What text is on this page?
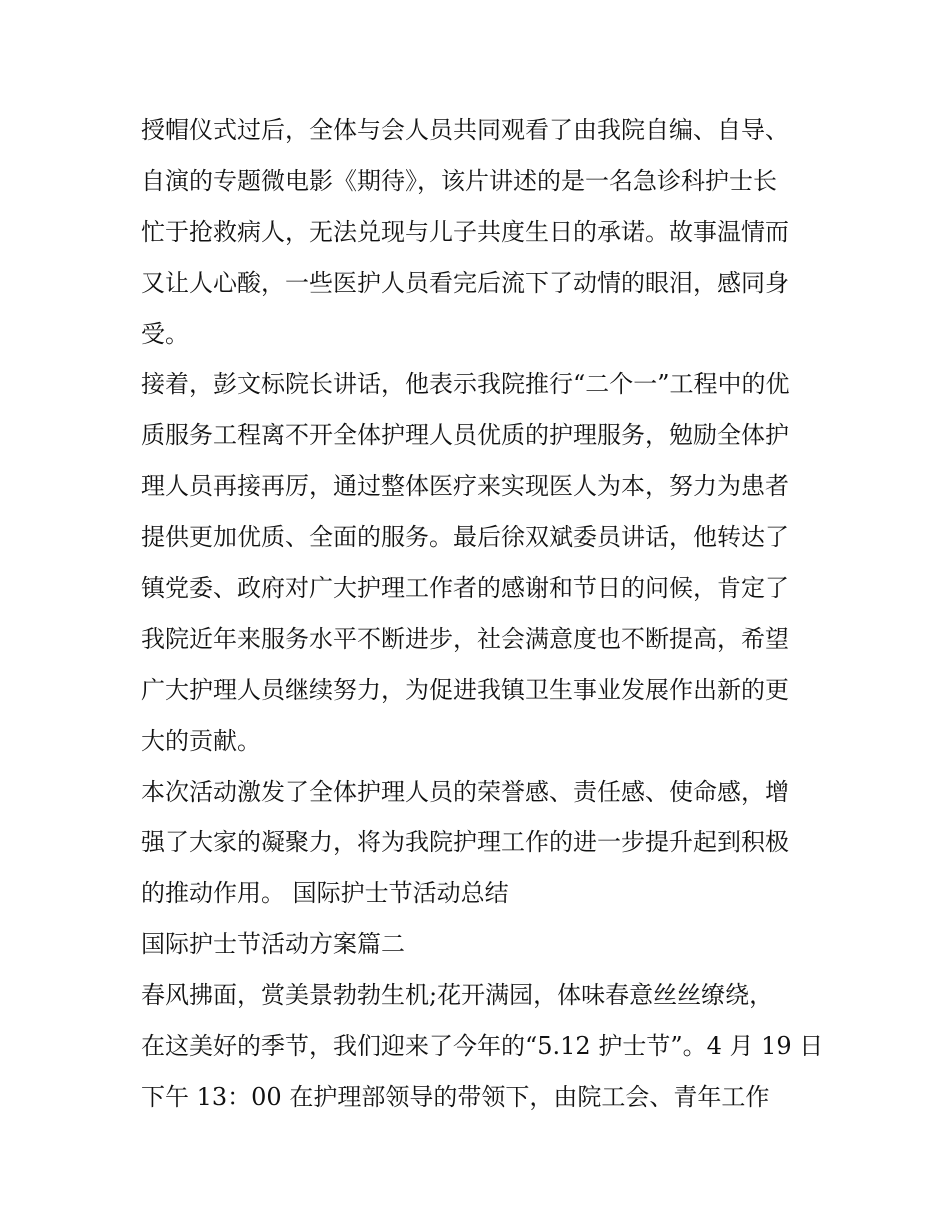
授帽仪式过后，全体与会人员共同观看了由我院自编、自导、
自演的专题微电影《期待》，该片讲述的是一名急诊科护士长
忙于抢救病人，无法兑现与儿子共度生日的承诺。故事温情而
又让人心酸，一些医护人员看完后流下了动情的眼泪，感同身
受。
接着，彭文标院长讲话，他表示我院推行“二个一”工程中的优
质服务工程离不开全体护理人员优质的护理服务，勉励全体护
理人员再接再厉，通过整体医疗来实现医人为本，努力为患者
提供更加优质、全面的服务。最后徐双斌委员讲话，他转达了
镇党委、政府对广大护理工作者的感谢和节日的问候，肯定了
我院近年来服务水平不断进步，社会满意度也不断提高，希望
广大护理人员继续努力，为促进我镇卫生事业发展作出新的更
大的贡献。
本次活动激发了全体护理人员的荣誉感、责任感、使命感，增
强了大家的凝聚力，将为我院护理工作的进一步提升起到积极
的推动作用。 国际护士节活动总结
国际护士节活动方案篇二
春风拂面，赏美景勃勃生机;花开满园，体味春意丝丝缭绕，
在这美好的季节，我们迎来了今年的“5.12 护士节”。4 月 19 日
下午 13：00 在护理部领导的带领下，由院工会、青年工作
